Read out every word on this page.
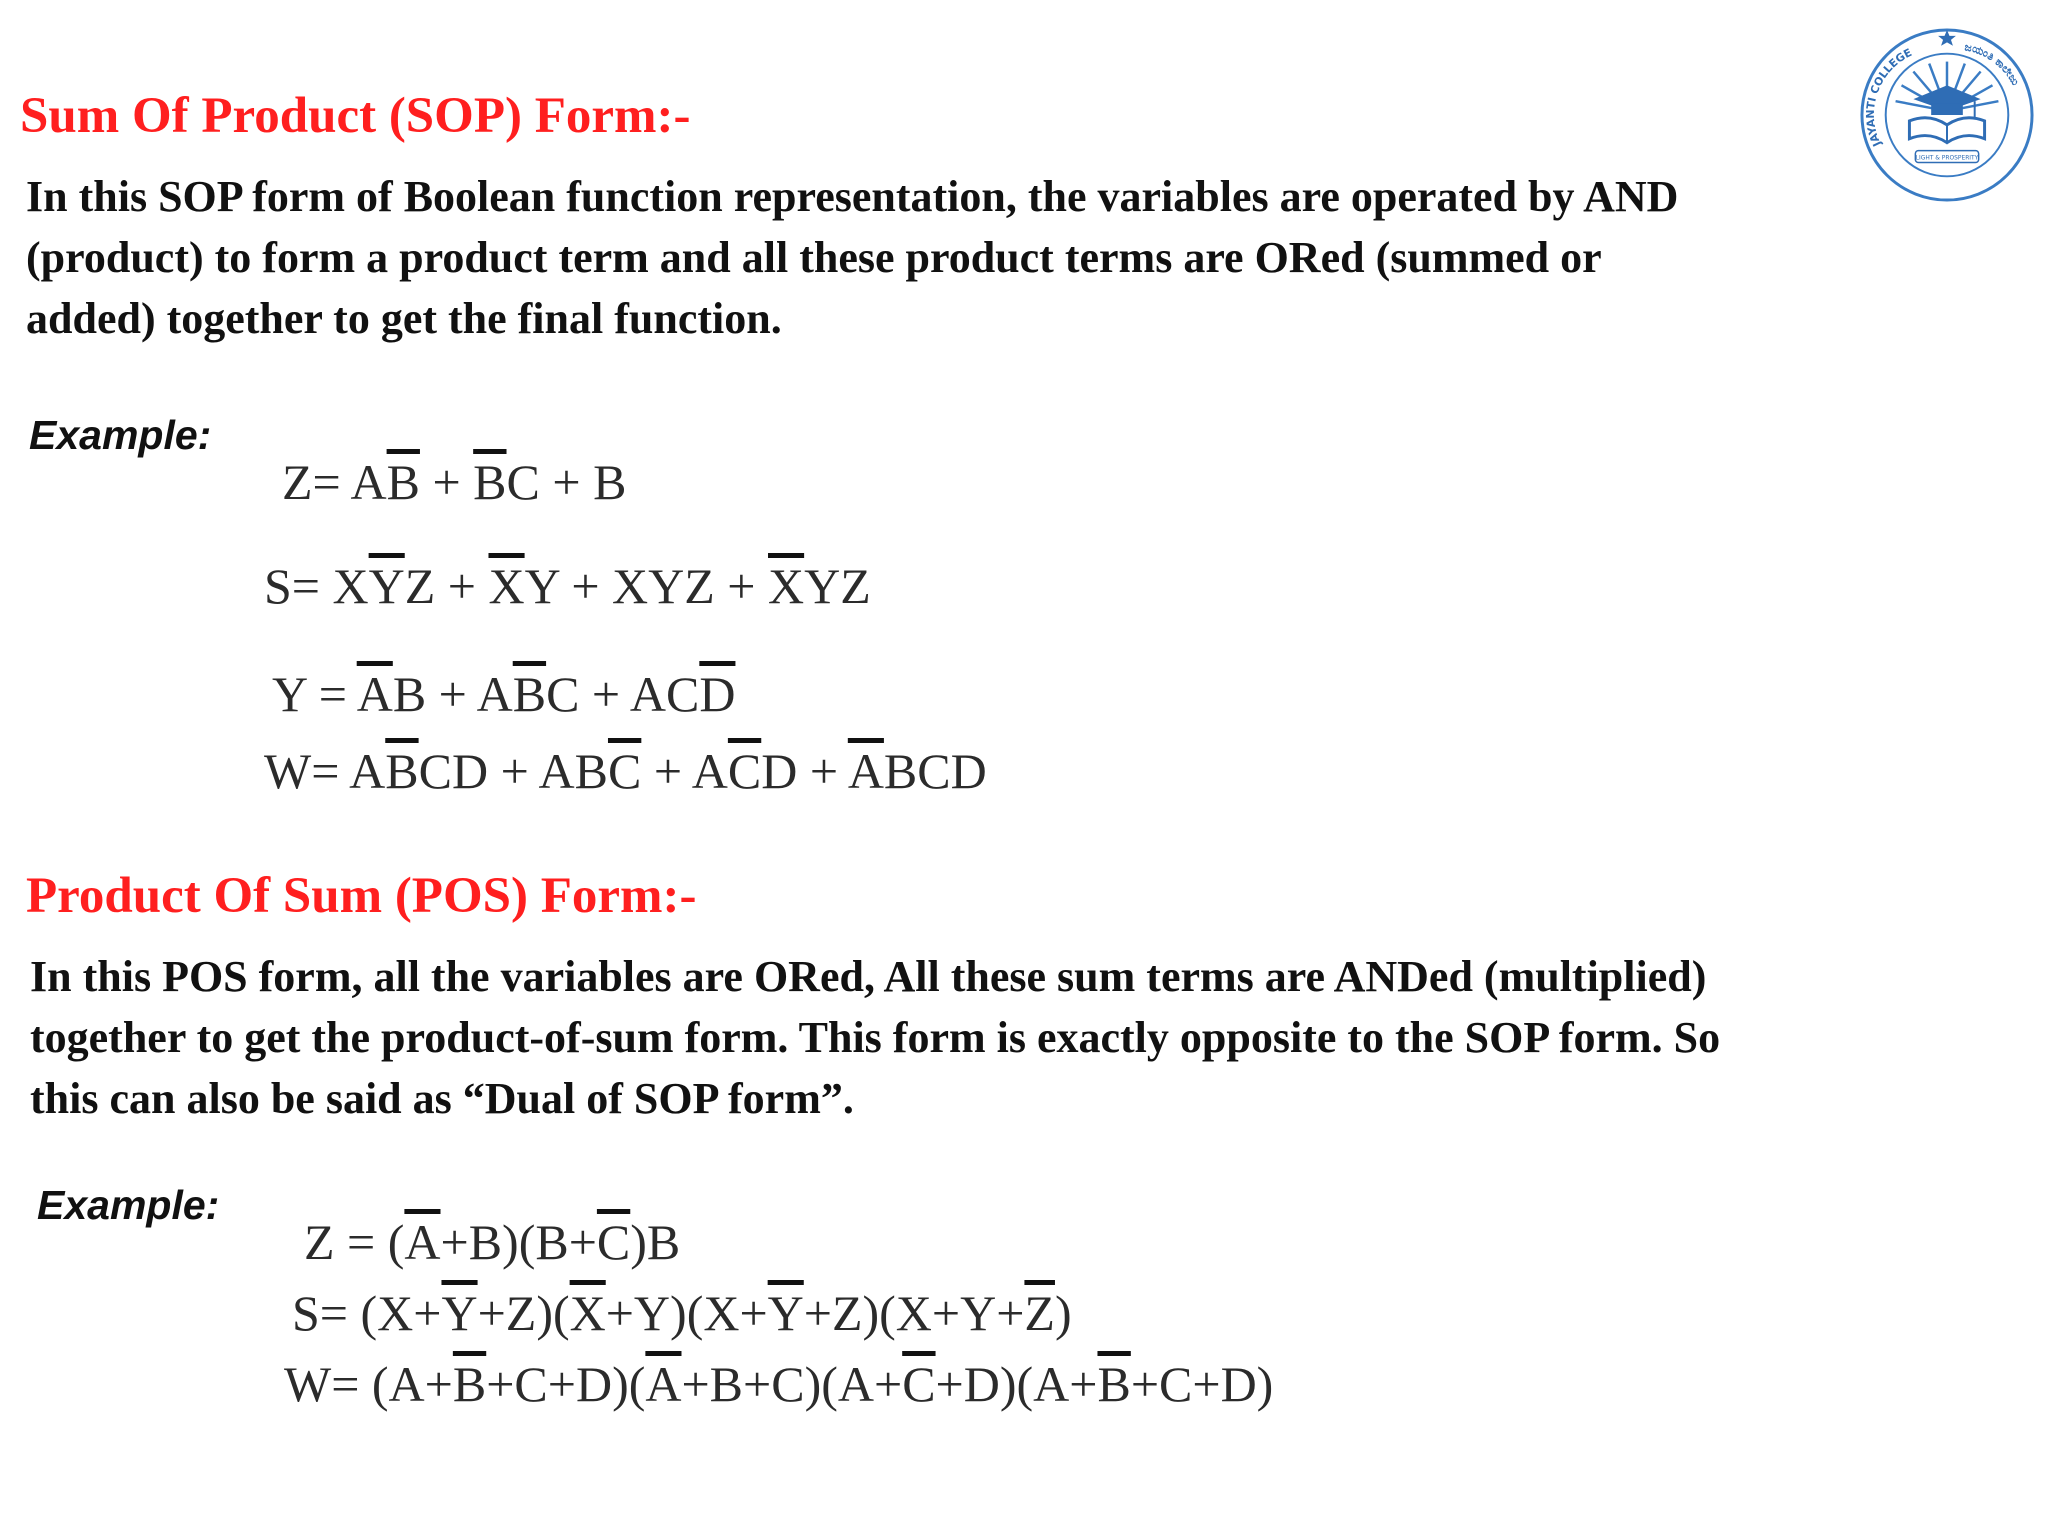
Sum Of Product (SOP) Form:-

In this SOP form of Boolean function representation, the variables are operated by AND
(product) to form a product term and all these product terms are ORed (summed or
added) together to get the final function.

Example:
$Z= A\overline{B} + \overline{B}C + B$
$S= X\overline{Y}Z + \overline{X}Y$ + XYZ + $\overline{X}YZ$
$Y = \overline{A}B + A\overline{B}C + AC\overline{D}$
$W= A\overline{B}CD + AB\overline{C} + A\overline{C}D + \overline{A}BCD$
Product Of Sum (POS) Form:-

In this POS form, all the variables are ORed, All these sum terms are ANDed (multiplied)
together to get the product-of-sum form. This form is exactly opposite to the SOP form. So
this can also be said as “Dual of SOP form”.

Example:
$Z = (\overline{A}+B)(B+\overline{C})B$
$S= (X+\overline{Y}+Z)(\overline{X}+Y)(X+\overline{Y}+Z)(X+Y+\overline{Z})$
$W= (A+\overline{B}+C+D)(\overline{A}+B+C)(A+\overline{C}+D)(A+\overline{B}+C+D)$
JAYANTI COLLEGE	ಜಯಂತಿ ಕಾಲೇಜು
LIGHT & PROSPERITY
